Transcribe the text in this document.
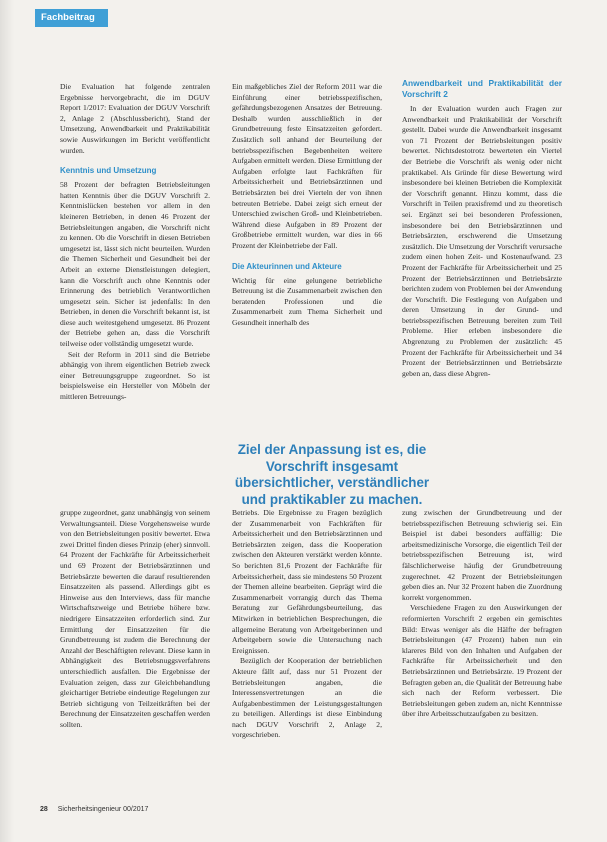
Fachbeitrag

Die Evaluation hat folgende zentralen Ergebnisse hervorgebracht, die im DGUV Report 1/2017: Evaluation der DGUV Vorschrift 2, Anlage 2 (Abschlussbericht), Stand der Umsetzung, Anwendbarkeit und Praktikabilität sowie Auswirkungen im Bericht veröffentlicht wurden.

Kenntnis und Umsetzung

58 Prozent der befragten Betriebsleitungen hatten Kenntnis über die DGUV Vorschrift 2. Kenntnislücken bestehen vor allem in den kleineren Betrieben, in denen 46 Prozent der Betriebsleitungen angaben, die Vorschrift nicht zu kennen. Ob die Vorschrift in diesen Betrieben umgesetzt ist, lässt sich nicht beurteilen. Wurden die Themen Sicherheit und Gesundheit bei der Arbeit an externe Dienstleistungen delegiert, kann die Vorschrift auch ohne Kenntnis oder Erinnerung des betrieblich Verantwortlichen umgesetzt sein. Sicher ist jedenfalls: In den Betrieben, in denen die Vorschrift bekannt ist, ist diese auch weitestgehend umgesetzt. 86 Prozent der Betriebe gehen an, dass die Vorschrift teilweise oder vollständig umgesetzt wurde.

Seit der Reform in 2011 sind die Betriebe abhängig von ihrem eigentlichen Betrieb zweck einer Betreuungsgruppe zugeordnet. So ist beispielsweise ein Hersteller von Möbeln der mittleren Betreuungs-

Ein maßgebliches Ziel der Reform 2011 war die Einführung einer betriebsspezifischen, gefährdungsbezogenen Ansatzes der Betreuung. Deshalb wurden ausschließlich in der Grundbetreuung feste Einsatzzeiten gefordert. Zusätzlich soll anhand der Beurteilung der betriebsspezifischen Begebenheiten weitere Aufgaben ermittelt werden. Diese Ermittlung der Aufgaben erfolgte laut Fachkräften für Arbeitssicherheit und Betriebsärztinnen und Betriebsärzten bei drei Vierteln der von ihnen betreuten Betriebe. Dabei zeigt sich erneut der Unterschied zwischen Groß- und Kleinbetrieben. Während diese Aufgaben in 89 Prozent der Großbetriebe ermittelt wurden, war dies in 66 Prozent der Kleinbetriebe der Fall.

Die Akteurinnen und Akteure

Wichtig für eine gelungene betriebliche Betreuung ist die Zusammenarbeit zwischen den beratenden Professionen und die Zusammenarbeit zum Thema Sicherheit und Gesundheit innerhalb des

Anwendbarkeit und Praktikabilität der Vorschrift 2

In der Evaluation wurden auch Fragen zur Anwendbarkeit und Praktikabilität der Vorschrift gestellt. Dabei wurde die Anwendbarkeit insgesamt von 71 Prozent der Betriebsleitungen positiv bewertet. Nichtsdestotrotz bewerteten ein Viertel der Betriebe die Vorschrift als wenig oder nicht praktikabel. Als Gründe für diese Bewertung wird insbesondere bei kleinen Betrieben die Komplexität der Vorschrift genannt. Hinzu kommt, dass die Vorschrift in Teilen praxisfremd und zu theoretisch sei. Ergänzt sei bei besonderen Professionen, insbesondere bei den Betriebsärztinnen und Betriebsärzten, erschwerend die Umsetzung zusätzlich. Die Umsetzung der Vorschrift verursache zudem einen hohen Zeit- und Kostenaufwand. 23 Prozent der Fachkräfte für Arbeitssicherheit und 25 Prozent der Betriebsärztinnen und Betriebsärzte berichten zudem von Problemen bei der Anwendung der Vorschrift. Die Festlegung von Aufgaben und deren Umsetzung in der Grund- und betriebsspezifischen Betreuung bereiten zum Teil Probleme. Hier erleben insbesondere die Abgrenzung zu Problemen der zusätzlich: 45 Prozent der Fachkräfte für Arbeitssicherheit und 34 Prozent der Betriebsärztinnen und Betriebsärzte geben an, dass diese Abgren-

Ziel der Anpassung ist es, die Vorschrift insgesamt übersichtlicher, verständlicher und praktikabler zu machen.

gruppe zugeordnet, ganz unabhängig von seinem Verwaltungsanteil. Diese Vorgehensweise wurde von den Betriebsleitungen positiv bewertet. Etwa zwei Drittel finden dieses Prinzip (eher) sinnvoll. 64 Prozent der Fachkräfte für Arbeitssicherheit und 69 Prozent der Betriebsärztinnen und Betriebsärzte bewerten die darauf resultierenden Einsatzzeiten als passend. Allerdings gibt es Hinweise aus den Interviews, dass für manche Wirtschaftszweige und Betriebe höhere bzw. niedrigere Einsatzzeiten erforderlich sind. Zur Ermittlung der Einsatzzeiten für die Grundbetreuung ist zudem die Berechnung der Anzahl der Beschäftigten relevant. Diese kann in Abhängigkeit des Betriebsnuggsverfahrens unterschiedlich ausfallen. Die Ergebnisse der Evaluation zeigen, dass zur Gleichbehandlung gleichartiger Betriebe eindeutige Regelungen zur Betrieb sichtigung von Teilzeitkräften bei der Berechnung der Einsatzzeiten geschaffen werden sollten.

Betriebs. Die Ergebnisse zu Fragen bezüglich der Zusammenarbeit von Fachkräften für Arbeitssicherheit und den Betriebsärztinnen und Betriebsärzten zeigen, dass die Kooperation zwischen den Akteuren verstärkt werden könnte. So berichten 81,6 Prozent der Fachkräfte für Arbeitssicherheit, dass sie mindestens 50 Prozent der Themen alleine bearbeiten. Geprägt wird die Zusammenarbeit vorrangig durch das Thema Beratung zur Gefährdungsbeurteilung, das Mitwirken in betrieblichen Besprechungen, die allgemeine Beratung von Arbeitgeberinnen und Arbeitgebern sowie die Untersuchung nach Ereignissen.

Bezüglich der Kooperation der betrieblichen Akteure fällt auf, dass nur 51 Prozent der Betriebsleitungen angaben, die Interessensvertretungen an die Aufgabenbestimmen der Leistungsgestaltungen zu beteiligen. Allerdings ist diese Einbindung nach DGUV Vorschrift 2, Anlage 2, vorgeschrieben.

zung zwischen der Grundbetreuung und der betriebsspezifischen Betreuung schwierig sei. Ein Beispiel ist dabei besonders auffällig: Die arbeitsmedizinische Vorsorge, die eigentlich Teil der betriebsspezifischen Betreuung ist, wird fälschlicherweise häufig der Grundbetreuung zugerechnet. 42 Prozent der Betriebsleitungen geben dies an. Nur 32 Prozent haben die Zuordnung korrekt vorgenommen.

Verschiedene Fragen zu den Auswirkungen der reformierten Vorschrift 2 ergeben ein gemischtes Bild: Etwas weniger als die Hälfte der befragten Betriebsleitungen (47 Prozent) haben nun ein klareres Bild von den Inhalten und Aufgaben der Fachkräfte für Arbeitssicherheit und den Betriebsärztinnen und Betriebsärzte. 19 Prozent der Befragten geben an, die Qualität der Betreuung habe sich nach der Reform verbessert. Die Betriebsleitungen geben zudem an, nicht Kenntnisse über ihre Arbeitsschutzaufgaben zu besitzen.

28 Sicherheitsingenieur 00/2017
